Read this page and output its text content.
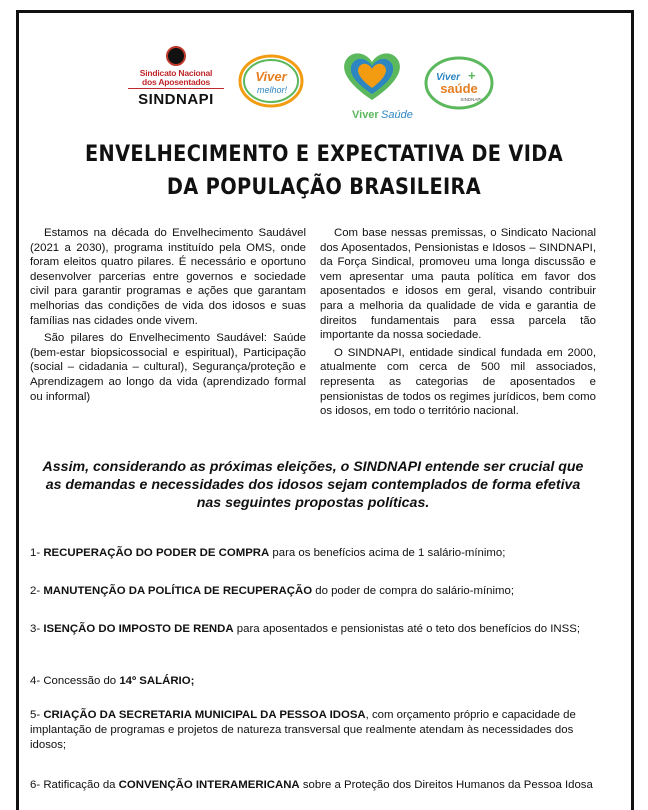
Sindicato Nacional
dos Aposentados
SINDNAPI
Viver
melhor!
Viver Saúde
Viver +
saúde
SINDNAPI
ENVELHECIMENTO E EXPECTATIVA DE VIDA
DA POPULAÇÃO BRASILEIRA

Estamos na década do Envelhecimento Saudável (2021 a 2030), programa instituído pela OMS, onde foram eleitos quatro pilares. É necessário e oportuno desenvolver parcerias entre governos e sociedade civil para garantir programas e ações que garantam melhorias das condições de vida dos idosos e suas famílias nas cidades onde vivem.

São pilares do Envelhecimento Saudável: Saúde (bem-estar biopsicossocial e espiritual), Participação (social – cidadania – cultural), Segurança/proteção e Aprendizagem ao longo da vida (aprendizado formal ou informal)

Com base nessas premissas, o Sindicato Nacional dos Aposentados, Pensionistas e Idosos – SINDNAPI, da Força Sindical, promoveu uma longa discussão e vem apresentar uma pauta política em favor dos aposentados e idosos em geral, visando contribuir para a melhoria da qualidade de vida e garantia de direitos fundamentais para essa parcela tão importante da nossa sociedade.

O SINDNAPI, entidade sindical fundada em 2000, atualmente com cerca de 500 mil associados, representa as categorias de aposentados e pensionistas de todos os regimes jurídicos, bem como os idosos, em todo o território nacional.

Assim, considerando as próximas eleições, o SINDNAPI entende ser crucial que as demandas e necessidades dos idosos sejam contemplados de forma efetiva nas seguintes propostas políticas.
1- RECUPERAÇÃO DO PODER DE COMPRA para os benefícios acima de 1 salário-mínimo;
2- MANUTENÇÃO DA POLÍTICA DE RECUPERAÇÃO do poder de compra do salário-mínimo;
3- ISENÇÃO DO IMPOSTO DE RENDA para aposentados e pensionistas até o teto dos benefícios do INSS;
4- Concessão do 14º SALÁRIO;
5- CRIAÇÃO DA SECRETARIA MUNICIPAL DA PESSOA IDOSA, com orçamento próprio e capacidade de implantação de programas e projetos de natureza transversal que realmente atendam às necessidades dos idosos;
6- Ratificação da CONVENÇÃO INTERAMERICANA sobre a Proteção dos Direitos Humanos da Pessoa Idosa
